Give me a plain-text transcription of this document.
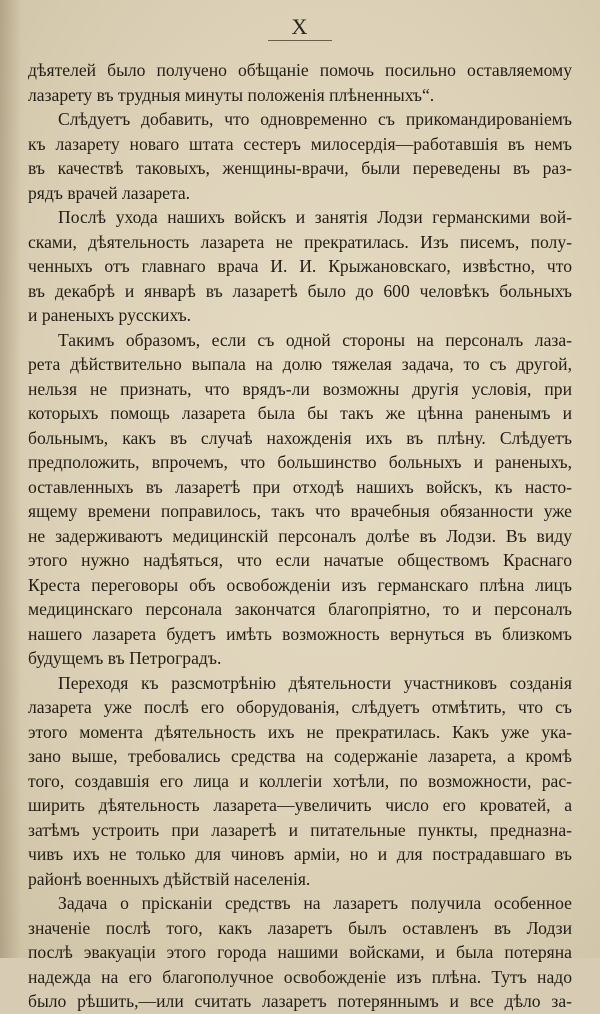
X
дѣятелей было получено обѣщаніе помочь посильно оставляемому
лазарету въ трудныя минуты положенія плѣненныхъ“.
Слѣдуетъ добавить, что одновременно съ прикомандированіемъ
къ лазарету новаго штата сестеръ милосердія—работавшія въ немъ
въ качествѣ таковыхъ, женщины-врачи, были переведены въ раз-
рядъ врачей лазарета.
Послѣ ухода нашихъ войскъ и занятія Лодзи германскими вой-
сками, дѣятельность лазарета не прекратилась. Изъ писемъ, полу-
ченныхъ отъ главнаго врача И. И. Крыжановскаго, извѣстно, что
въ декабрѣ и январѣ въ лазаретѣ было до 600 человѣкъ больныхъ
и раненыхъ русскихъ.
Такимъ образомъ, если съ одной стороны на персоналъ лаза-
рета дѣйствительно выпала на долю тяжелая задача, то съ другой,
нельзя не признать, что врядъ-ли возможны другія условія, при
которыхъ помощь лазарета была бы такъ же цѣнна раненымъ и
больнымъ, какъ въ случаѣ нахожденія ихъ въ плѣну. Слѣдуетъ
предположить, впрочемъ, что большинство больныхъ и раненыхъ,
оставленныхъ въ лазаретѣ при отходѣ нашихъ войскъ, къ насто-
ящему времени поправилось, такъ что врачебныя обязанности уже
не задерживаютъ медицинскій персоналъ долѣе въ Лодзи. Въ виду
этого нужно надѣяться, что если начатые обществомъ Краснаго
Креста переговоры объ освобожденіи изъ германскаго плѣна лицъ
медицинскаго персонала закончатся благопріятно, то и персоналъ
нашего лазарета будетъ имѣть возможность вернуться въ близкомъ
будущемъ въ Петроградъ.
Переходя къ разсмотрѣнію дѣятельности участниковъ созданія
лазарета уже послѣ его оборудованія, слѣдуетъ отмѣтить, что съ
этого момента дѣятельность ихъ не прекратилась. Какъ уже ука-
зано выше, требовались средства на содержаніе лазарета, а кромѣ
того, создавшія его лица и коллегіи хотѣли, по возможности, рас-
ширить дѣятельность лазарета—увеличить число его кроватей, а
затѣмъ устроить при лазаретѣ и питательные пункты, предназна-
чивъ ихъ не только для чиновъ арміи, но и для пострадавшаго въ
районѣ военныхъ дѣйствій населенія.
Задача о прісканіи средствъ на лазаретъ получила особенное
значеніе послѣ того, какъ лазаретъ былъ оставленъ въ Лодзи
послѣ эвакуаціи этого города нашими войсками, и была потеряна
надежда на его благополучное освобожденіе изъ плѣна. Тутъ надо
было рѣшить,—или считать лазаретъ потеряннымъ и все дѣло за-
